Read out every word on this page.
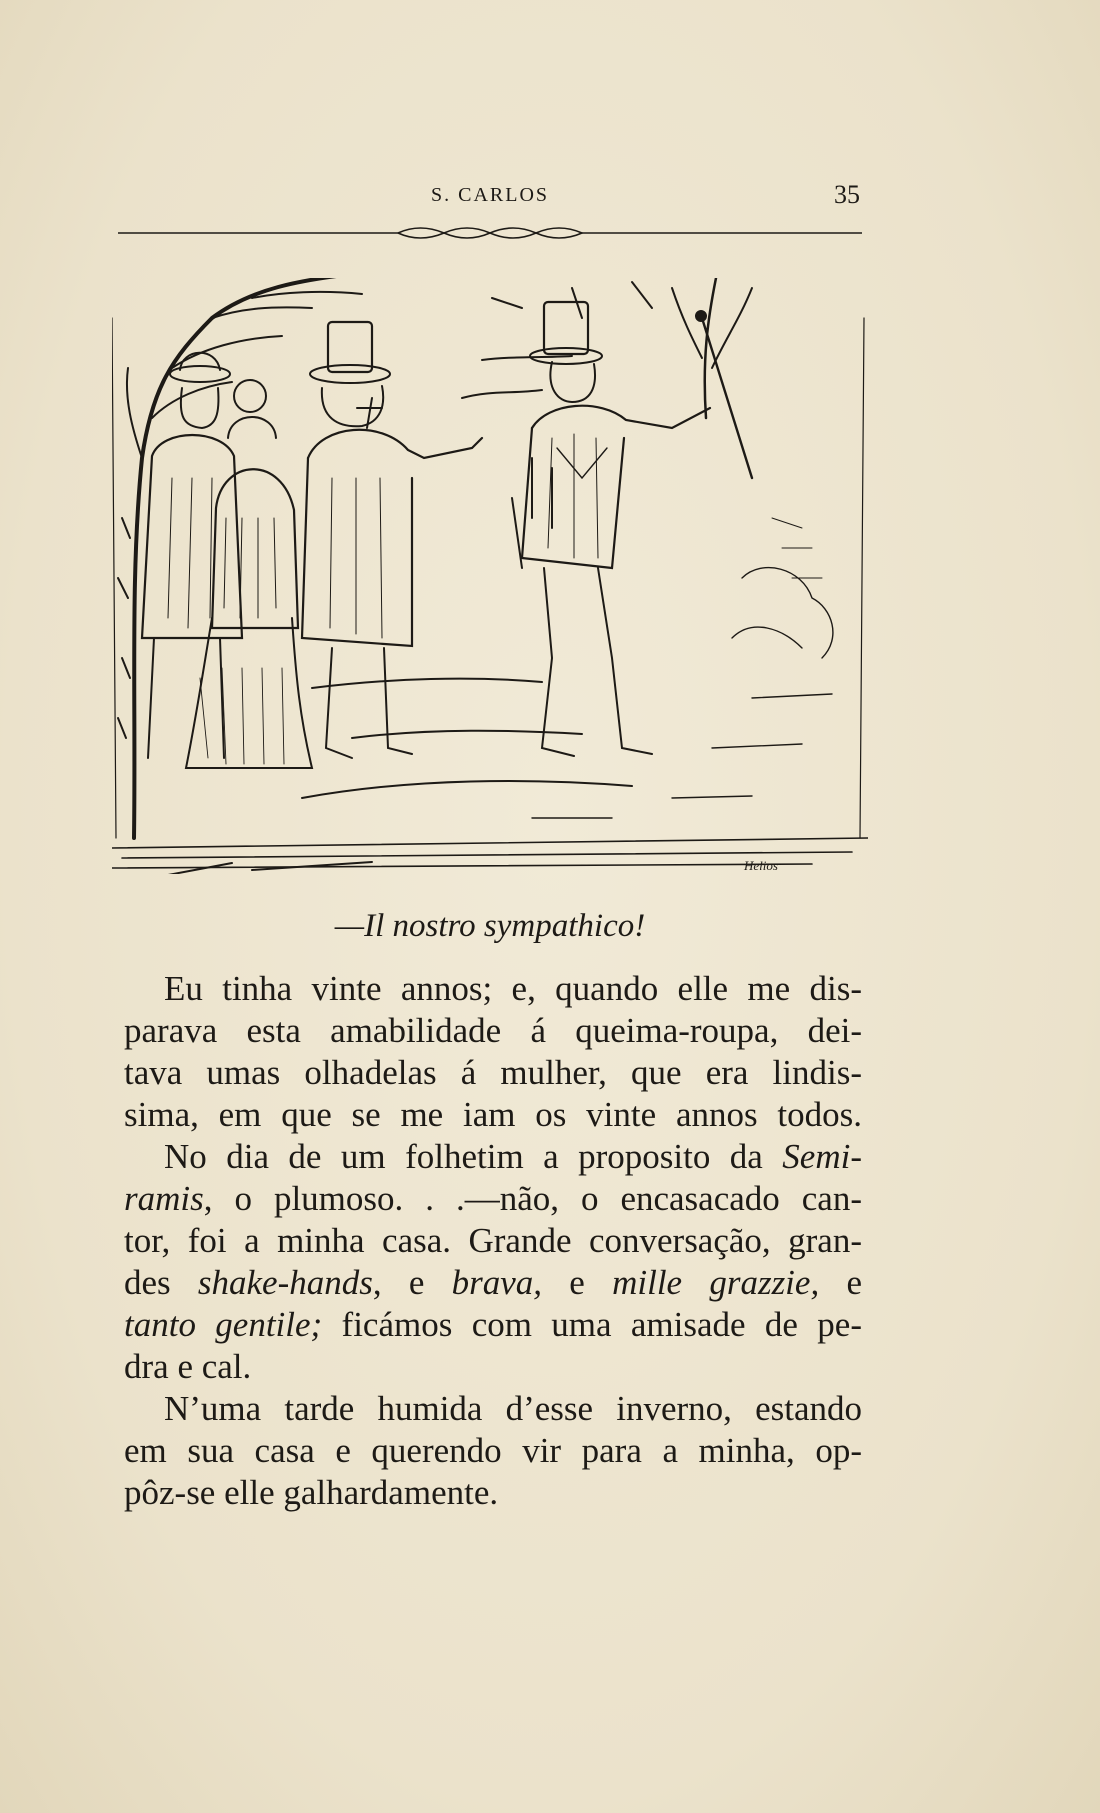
S. CARLOS	35
Helios
—Il nostro sympathico!
Eu tinha vinte annos; e, quando elle me dis-
parava esta amabilidade á queima-roupa, dei-
tava umas olhadelas á mulher, que era lindis-
sima, em que se me iam os vinte annos todos.
No dia de um folhetim a proposito da Semi-
ramis, o plumoso. . .—não, o encasacado can-
tor, foi a minha casa. Grande conversação, gran-
des shake-hands, e brava, e mille grazzie, e
tanto gentile; ficámos com uma amisade de pe-
dra e cal.
N’uma tarde humida d’esse inverno, estando
em sua casa e querendo vir para a minha, op-
pôz-se elle galhardamente.
